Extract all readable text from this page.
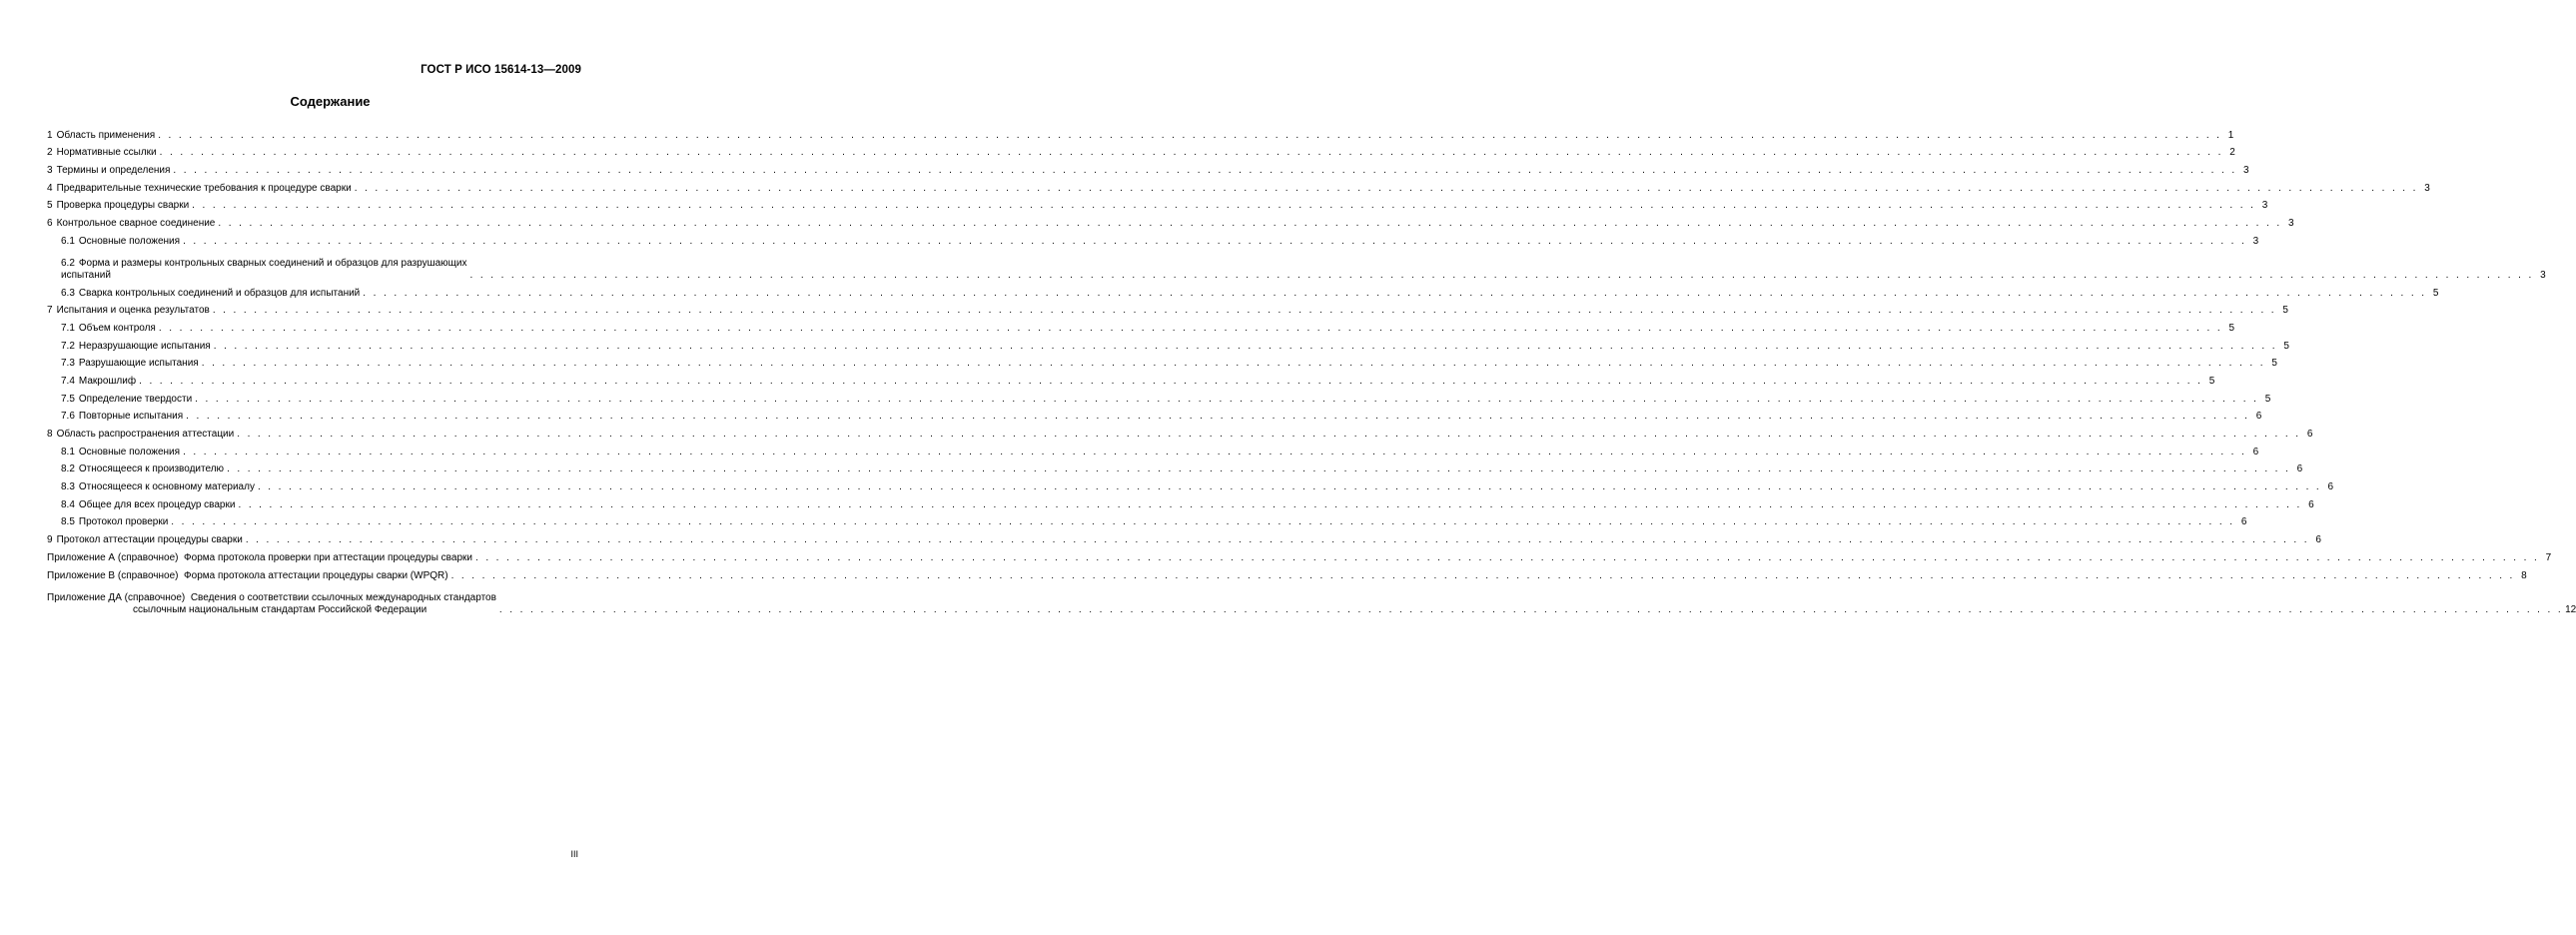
ГОСТ Р ИСО 15614-13—2009
Содержание
1 Область применения . . . . . . . . . . . . . . . . . . . . . . . . . . . . . . . . . . . . . . . . . . . . . . . . . . . . . . . . . . . . . . . . . . . . . . . . . . . . . . . . . . . . . . . . . . . . . . . . . . . . . . . . . . . . . . . . . . . . . . . . . . . . . . . . . . . . . . . . . . . . . . . . . . . . . . . . . . . . . . . . . . . . . . . . . . . . . . . . . . . . . . . . . . . . . . . . . . . . . . . . 1
2 Нормативные ссылки . . . . . . . . . . . . . . . . . . . . . . . . . . . . . . . . . . . . . . . . . . . . . . . . . . . . . . . . . . . . . . . . . . . . . . . . . . . . . . . . . . . . . . . . . . . . . . . . . . . . . . . . . . . . . . . . . . . . . . . . . . . . . . . . . . . . . . . . . . . . . . . . . . . . . . . . . . . . . . . . . . . . . . . . . . . . . . . . . . . . . . . . . . . . . . . . . . . . . . . . 2
3 Термины и определения . . . . . . . . . . . . . . . . . . . . . . . . . . . . . . . . . . . . . . . . . . . . . . . . . . . . . . . . . . . . . . . . . . . . . . . . . . . . . . . . . . . . . . . . . . . . . . . . . . . . . . . . . . . . . . . . . . . . . . . . . . . . . . . . . . . . . . . . . . . . . . . . . . . . . . . . . . . . . . . . . . . . . . . . . . . . . . . . . . . . . . . . . . . . . . . . . . . . . . . . 3
4 Предварительные технические требования к процедуре сварки . . . . . . . . . . . . . . . . . . . . . . . . . . . . . . . . . . . . . . . . . . . . . . . . . . . . . . . . . . . . . . . . . . . . . . . . . . . . . . . . . . . . . . . . . . . . . . . . . . . . . . . . . . . . . . . . . . . . . . . . . . . . . . . . . . . . . . . . . . . . . . . . . . . . . . . . . . . . . . . . . . . . . . . . . . . . . . . . . . . . . . . . . . . . . . . . . . . . . . . . 3
5 Проверка процедуры сварки . . . . . . . . . . . . . . . . . . . . . . . . . . . . . . . . . . . . . . . . . . . . . . . . . . . . . . . . . . . . . . . . . . . . . . . . . . . . . . . . . . . . . . . . . . . . . . . . . . . . . . . . . . . . . . . . . . . . . . . . . . . . . . . . . . . . . . . . . . . . . . . . . . . . . . . . . . . . . . . . . . . . . . . . . . . . . . . . . . . . . . . . . . . . . . . . . . . . . . . . 3
6 Контрольное сварное соединение . . . . . . . . . . . . . . . . . . . . . . . . . . . . . . . . . . . . . . . . . . . . . . . . . . . . . . . . . . . . . . . . . . . . . . . . . . . . . . . . . . . . . . . . . . . . . . . . . . . . . . . . . . . . . . . . . . . . . . . . . . . . . . . . . . . . . . . . . . . . . . . . . . . . . . . . . . . . . . . . . . . . . . . . . . . . . . . . . . . . . . . . . . . . . . . . . . . . . . . . 3
6.1 Основные положения . . . . . . . . . . . . . . . . . . . . . . . . . . . . . . . . . . . . . . . . . . . . . . . . . . . . . . . . . . . . . . . . . . . . . . . . . . . . . . . . . . . . . . . . . . . . . . . . . . . . . . . . . . . . . . . . . . . . . . . . . . . . . . . . . . . . . . . . . . . . . . . . . . . . . . . . . . . . . . . . . . . . . . . . . . . . . . . . . . . . . . . . . . . . . . . . . . . . . . . . 3
6.2 Форма и размеры контрольных сварных соединений и образцов для разрушающих
испытаний	. . . . . . . . . . . . . . . . . . . . . . . . . . . . . . . . . . . . . . . . . . . . . . . . . . . . . . . . . . . . . . . . . . . . . . . . . . . . . . . . . . . . . . . . . . . . . . . . . . . . . . . . . . . . . . . . . . . . . . . . . . . . . . . . . . . . . . . . . . . . . . . . . . . . . . . . . . . . . . . . . . . . . . . . . . . . . . . . . . . . . . . . . . . . . . . . . . . . . . . . 3
6.3 Сварка контрольных соединений и образцов для испытаний . . . . . . . . . . . . . . . . . . . . . . . . . . . . . . . . . . . . . . . . . . . . . . . . . . . . . . . . . . . . . . . . . . . . . . . . . . . . . . . . . . . . . . . . . . . . . . . . . . . . . . . . . . . . . . . . . . . . . . . . . . . . . . . . . . . . . . . . . . . . . . . . . . . . . . . . . . . . . . . . . . . . . . . . . . . . . . . . . . . . . . . . . . . . . . . . . . . . . . . . 5
7 Испытания и оценка результатов . . . . . . . . . . . . . . . . . . . . . . . . . . . . . . . . . . . . . . . . . . . . . . . . . . . . . . . . . . . . . . . . . . . . . . . . . . . . . . . . . . . . . . . . . . . . . . . . . . . . . . . . . . . . . . . . . . . . . . . . . . . . . . . . . . . . . . . . . . . . . . . . . . . . . . . . . . . . . . . . . . . . . . . . . . . . . . . . . . . . . . . . . . . . . . . . . . . . . . . . 5
7.1 Объем контроля . . . . . . . . . . . . . . . . . . . . . . . . . . . . . . . . . . . . . . . . . . . . . . . . . . . . . . . . . . . . . . . . . . . . . . . . . . . . . . . . . . . . . . . . . . . . . . . . . . . . . . . . . . . . . . . . . . . . . . . . . . . . . . . . . . . . . . . . . . . . . . . . . . . . . . . . . . . . . . . . . . . . . . . . . . . . . . . . . . . . . . . . . . . . . . . . . . . . . . . . 5
7.2 Неразрушающие испытания . . . . . . . . . . . . . . . . . . . . . . . . . . . . . . . . . . . . . . . . . . . . . . . . . . . . . . . . . . . . . . . . . . . . . . . . . . . . . . . . . . . . . . . . . . . . . . . . . . . . . . . . . . . . . . . . . . . . . . . . . . . . . . . . . . . . . . . . . . . . . . . . . . . . . . . . . . . . . . . . . . . . . . . . . . . . . . . . . . . . . . . . . . . . . . . . . . . . . . . . 5
7.3 Разрушающие испытания . . . . . . . . . . . . . . . . . . . . . . . . . . . . . . . . . . . . . . . . . . . . . . . . . . . . . . . . . . . . . . . . . . . . . . . . . . . . . . . . . . . . . . . . . . . . . . . . . . . . . . . . . . . . . . . . . . . . . . . . . . . . . . . . . . . . . . . . . . . . . . . . . . . . . . . . . . . . . . . . . . . . . . . . . . . . . . . . . . . . . . . . . . . . . . . . . . . . . . . . 5
7.4 Макрошлиф . . . . . . . . . . . . . . . . . . . . . . . . . . . . . . . . . . . . . . . . . . . . . . . . . . . . . . . . . . . . . . . . . . . . . . . . . . . . . . . . . . . . . . . . . . . . . . . . . . . . . . . . . . . . . . . . . . . . . . . . . . . . . . . . . . . . . . . . . . . . . . . . . . . . . . . . . . . . . . . . . . . . . . . . . . . . . . . . . . . . . . . . . . . . . . . . . . . . . . . . 5
7.5 Определение твердости . . . . . . . . . . . . . . . . . . . . . . . . . . . . . . . . . . . . . . . . . . . . . . . . . . . . . . . . . . . . . . . . . . . . . . . . . . . . . . . . . . . . . . . . . . . . . . . . . . . . . . . . . . . . . . . . . . . . . . . . . . . . . . . . . . . . . . . . . . . . . . . . . . . . . . . . . . . . . . . . . . . . . . . . . . . . . . . . . . . . . . . . . . . . . . . . . . . . . . . . 5
7.6 Повторные испытания . . . . . . . . . . . . . . . . . . . . . . . . . . . . . . . . . . . . . . . . . . . . . . . . . . . . . . . . . . . . . . . . . . . . . . . . . . . . . . . . . . . . . . . . . . . . . . . . . . . . . . . . . . . . . . . . . . . . . . . . . . . . . . . . . . . . . . . . . . . . . . . . . . . . . . . . . . . . . . . . . . . . . . . . . . . . . . . . . . . . . . . . . . . . . . . . . . . . . . . . 6
8 Область распространения аттестации . . . . . . . . . . . . . . . . . . . . . . . . . . . . . . . . . . . . . . . . . . . . . . . . . . . . . . . . . . . . . . . . . . . . . . . . . . . . . . . . . . . . . . . . . . . . . . . . . . . . . . . . . . . . . . . . . . . . . . . . . . . . . . . . . . . . . . . . . . . . . . . . . . . . . . . . . . . . . . . . . . . . . . . . . . . . . . . . . . . . . . . . . . . . . . . . . . . . . . . . 6
8.1 Основные положения . . . . . . . . . . . . . . . . . . . . . . . . . . . . . . . . . . . . . . . . . . . . . . . . . . . . . . . . . . . . . . . . . . . . . . . . . . . . . . . . . . . . . . . . . . . . . . . . . . . . . . . . . . . . . . . . . . . . . . . . . . . . . . . . . . . . . . . . . . . . . . . . . . . . . . . . . . . . . . . . . . . . . . . . . . . . . . . . . . . . . . . . . . . . . . . . . . . . . . . . 6
8.2 Относящееся к производителю . . . . . . . . . . . . . . . . . . . . . . . . . . . . . . . . . . . . . . . . . . . . . . . . . . . . . . . . . . . . . . . . . . . . . . . . . . . . . . . . . . . . . . . . . . . . . . . . . . . . . . . . . . . . . . . . . . . . . . . . . . . . . . . . . . . . . . . . . . . . . . . . . . . . . . . . . . . . . . . . . . . . . . . . . . . . . . . . . . . . . . . . . . . . . . . . . . . . . . . . 6
8.3 Относящееся к основному материалу . . . . . . . . . . . . . . . . . . . . . . . . . . . . . . . . . . . . . . . . . . . . . . . . . . . . . . . . . . . . . . . . . . . . . . . . . . . . . . . . . . . . . . . . . . . . . . . . . . . . . . . . . . . . . . . . . . . . . . . . . . . . . . . . . . . . . . . . . . . . . . . . . . . . . . . . . . . . . . . . . . . . . . . . . . . . . . . . . . . . . . . . . . . . . . . . . . . . . . . . 6
8.4 Общее для всех процедур сварки . . . . . . . . . . . . . . . . . . . . . . . . . . . . . . . . . . . . . . . . . . . . . . . . . . . . . . . . . . . . . . . . . . . . . . . . . . . . . . . . . . . . . . . . . . . . . . . . . . . . . . . . . . . . . . . . . . . . . . . . . . . . . . . . . . . . . . . . . . . . . . . . . . . . . . . . . . . . . . . . . . . . . . . . . . . . . . . . . . . . . . . . . . . . . . . . . . . . . . . . 6
8.5 Протокол проверки . . . . . . . . . . . . . . . . . . . . . . . . . . . . . . . . . . . . . . . . . . . . . . . . . . . . . . . . . . . . . . . . . . . . . . . . . . . . . . . . . . . . . . . . . . . . . . . . . . . . . . . . . . . . . . . . . . . . . . . . . . . . . . . . . . . . . . . . . . . . . . . . . . . . . . . . . . . . . . . . . . . . . . . . . . . . . . . . . . . . . . . . . . . . . . . . . . . . . . . . 6
9 Протокол аттестации процедуры сварки . . . . . . . . . . . . . . . . . . . . . . . . . . . . . . . . . . . . . . . . . . . . . . . . . . . . . . . . . . . . . . . . . . . . . . . . . . . . . . . . . . . . . . . . . . . . . . . . . . . . . . . . . . . . . . . . . . . . . . . . . . . . . . . . . . . . . . . . . . . . . . . . . . . . . . . . . . . . . . . . . . . . . . . . . . . . . . . . . . . . . . . . . . . . . . . . . . . . . . . . 6
Приложение А (справочное)
Форма протокола проверки при аттестации процедуры сварки . . . . . . . . . . . . . . . . . . . . . . . . . . . . . . . . . . . . . . . . . . . . . . . . . . . . . . . . . . . . . . . . . . . . . . . . . . . . . . . . . . . . . . . . . . . . . . . . . . . . . . . . . . . . . . . . . . . . . . . . . . . . . . . . . . . . . . . . . . . . . . . . . . . . . . . . . . . . . . . . . . . . . . . . . . . . . . . . . . . . . . . . . . . . . . . . . . . . . . . . 7
Приложение В (справочное)
Форма протокола аттестации процедуры сварки (WPQR) . . . . . . . . . . . . . . . . . . . . . . . . . . . . . . . . . . . . . . . . . . . . . . . . . . . . . . . . . . . . . . . . . . . . . . . . . . . . . . . . . . . . . . . . . . . . . . . . . . . . . . . . . . . . . . . . . . . . . . . . . . . . . . . . . . . . . . . . . . . . . . . . . . . . . . . . . . . . . . . . . . . . . . . . . . . . . . . . . . . . . . . . . . . . . . . . . . . . . . . . 8
Приложение ДА (справочное) Сведения о соответствии ссылочных международных стандартов
ссылочным национальным стандартам Российской Федерации	. . . . . . . . . . . . . . . . . . . . . . . . . . . . . . . . . . . . . . . . . . . . . . . . . . . . . . . . . . . . . . . . . . . . . . . . . . . . . . . . . . . . . . . . . . . . . . . . . . . . . . . . . . . . . . . . . . . . . . . . . . . . . . . . . . . . . . . . . . . . . . . . . . . . . . . . . . . . . . . . . . . . . . . . . . . . . . . . . . . . . . . . . . . . . . . . . . . . . . . . 12
III
